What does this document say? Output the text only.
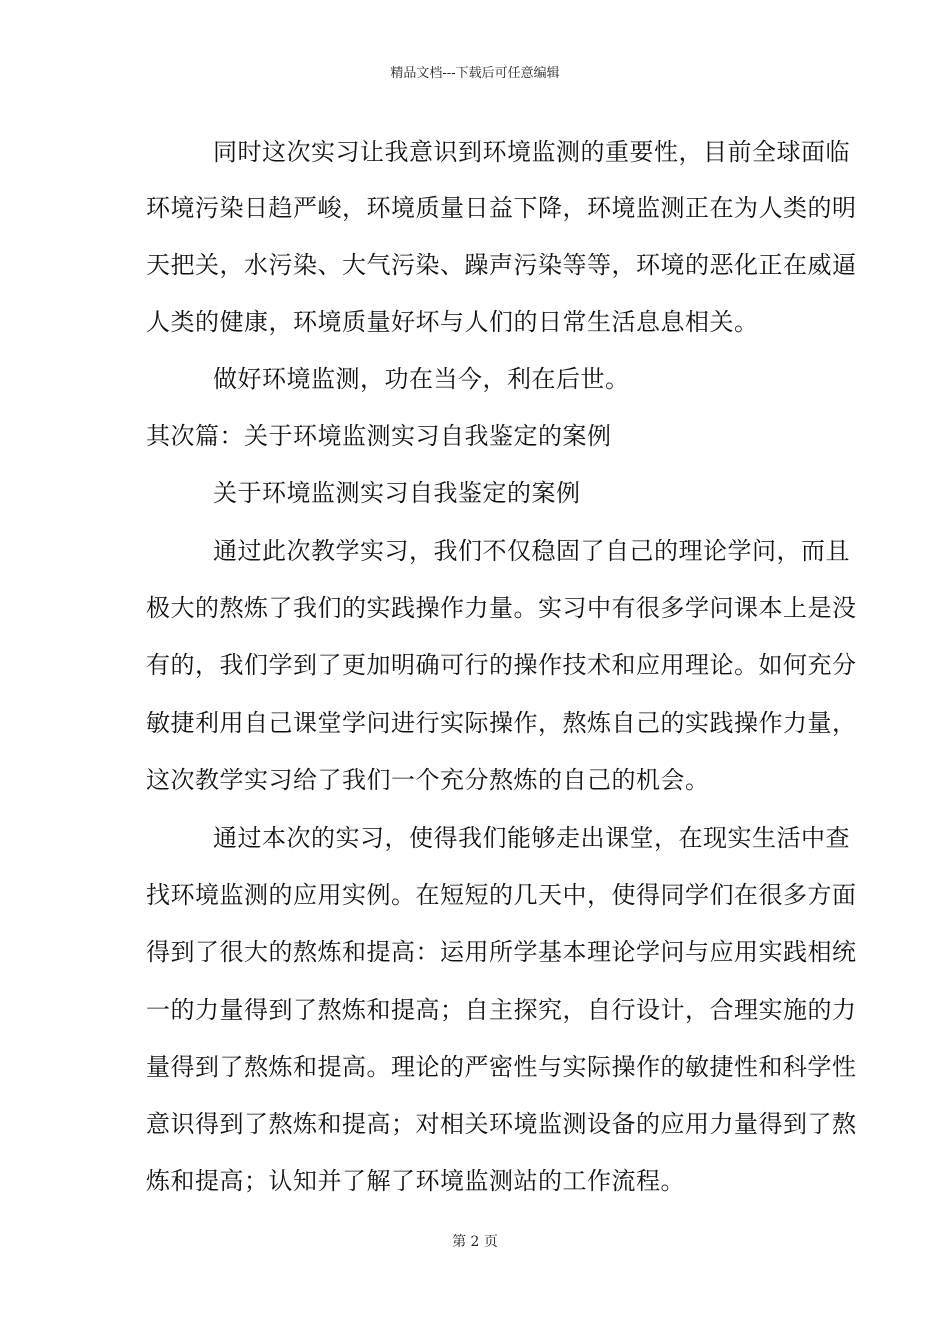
精品文档---下载后可任意编辑
同时这次实习让我意识到环境监测的重要性，目前全球面临
环境污染日趋严峻，环境质量日益下降，环境监测正在为人类的明
天把关，水污染、大气污染、躁声污染等等，环境的恶化正在威逼
人类的健康，环境质量好坏与人们的日常生活息息相关。
做好环境监测，功在当今，利在后世。
其次篇：关于环境监测实习自我鉴定的案例
关于环境监测实习自我鉴定的案例
通过此次教学实习，我们不仅稳固了自己的理论学问，而且
极大的熬炼了我们的实践操作力量。实习中有很多学问课本上是没
有的，我们学到了更加明确可行的操作技术和应用理论。如何充分
敏捷利用自己课堂学问进行实际操作，熬炼自己的实践操作力量，
这次教学实习给了我们一个充分熬炼的自己的机会。
通过本次的实习，使得我们能够走出课堂，在现实生活中查
找环境监测的应用实例。在短短的几天中，使得同学们在很多方面
得到了很大的熬炼和提高：运用所学基本理论学问与应用实践相统
一的力量得到了熬炼和提高；自主探究，自行设计，合理实施的力
量得到了熬炼和提高。理论的严密性与实际操作的敏捷性和科学性
意识得到了熬炼和提高；对相关环境监测设备的应用力量得到了熬
炼和提高；认知并了解了环境监测站的工作流程。
第 2 页
